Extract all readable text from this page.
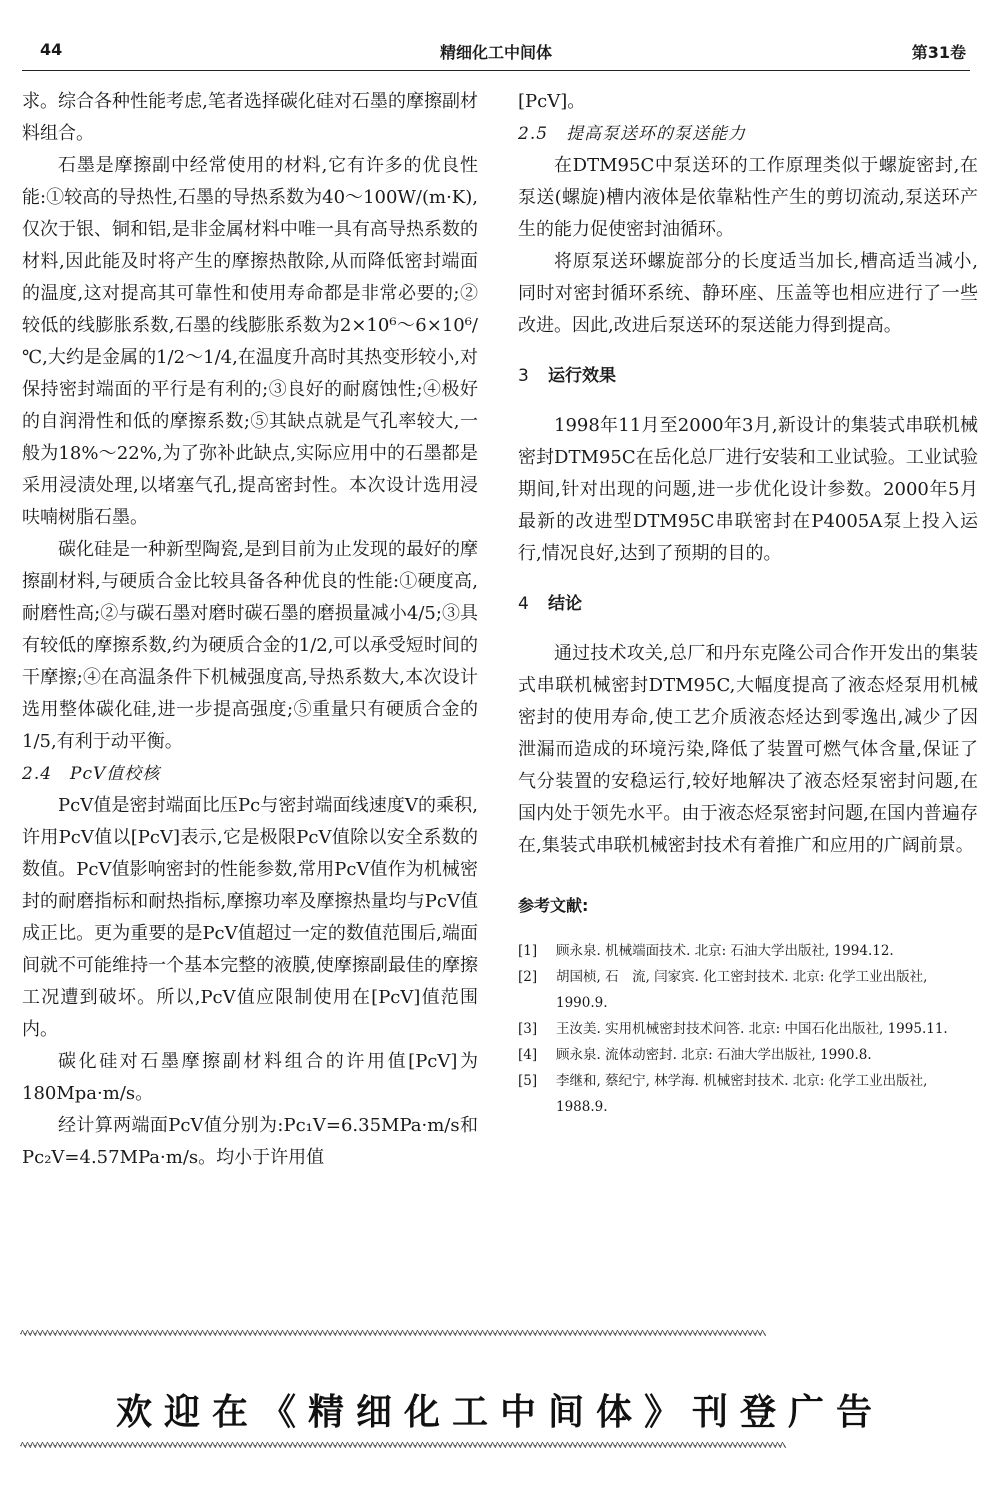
44	精细化工中间体	第31卷

求。综合各种性能考虑,笔者选择碳化硅对石墨的摩擦副材料组合。

石墨是摩擦副中经常使用的材料,它有许多的优良性能:①较高的导热性,石墨的导热系数为40～100W/(m·K),仅次于银、铜和铝,是非金属材料中唯一具有高导热系数的材料,因此能及时将产生的摩擦热散除,从而降低密封端面的温度,这对提高其可靠性和使用寿命都是非常必要的;②较低的线膨胀系数,石墨的线膨胀系数为2×10⁶～6×10⁶/℃,大约是金属的1/2～1/4,在温度升高时其热变形较小,对保持密封端面的平行是有利的;③良好的耐腐蚀性;④极好的自润滑性和低的摩擦系数;⑤其缺点就是气孔率较大,一般为18%～22%,为了弥补此缺点,实际应用中的石墨都是采用浸渍处理,以堵塞气孔,提高密封性。本次设计选用浸呋喃树脂石墨。

碳化硅是一种新型陶瓷,是到目前为止发现的最好的摩擦副材料,与硬质合金比较具备各种优良的性能:①硬度高,耐磨性高;②与碳石墨对磨时碳石墨的磨损量减小4/5;③具有较低的摩擦系数,约为硬质合金的1/2,可以承受短时间的干摩擦;④在高温条件下机械强度高,导热系数大,本次设计选用整体碳化硅,进一步提高强度;⑤重量只有硬质合金的1/5,有利于动平衡。

2.4　PcV值校核

PcV值是密封端面比压Pc与密封端面线速度V的乘积,许用PcV值以[PcV]表示,它是极限PcV值除以安全系数的数值。PcV值影响密封的性能参数,常用PcV值作为机械密封的耐磨指标和耐热指标,摩擦功率及摩擦热量均与PcV值成正比。更为重要的是PcV值超过一定的数值范围后,端面间就不可能维持一个基本完整的液膜,使摩擦副最佳的摩擦工况遭到破坏。所以,PcV值应限制使用在[PcV]值范围内。

碳化硅对石墨摩擦副材料组合的许用值[PcV]为180Mpa·m/s。

经计算两端面PcV值分别为:Pc₁V=6.35MPa·m/s和Pc₂V=4.57MPa·m/s。均小于许用值

[PcV]。

2.5　提高泵送环的泵送能力

在DTM95C中泵送环的工作原理类似于螺旋密封,在泵送(螺旋)槽内液体是依靠粘性产生的剪切流动,泵送环产生的能力促使密封油循环。

将原泵送环螺旋部分的长度适当加长,槽高适当减小,同时对密封循环系统、静环座、压盖等也相应进行了一些改进。因此,改进后泵送环的泵送能力得到提高。

3 运行效果

1998年11月至2000年3月,新设计的集装式串联机械密封DTM95C在岳化总厂进行安装和工业试验。工业试验期间,针对出现的问题,进一步优化设计参数。2000年5月最新的改进型DTM95C串联密封在P4005A泵上投入运行,情况良好,达到了预期的目的。

4 结论

通过技术攻关,总厂和丹东克隆公司合作开发出的集装式串联机械密封DTM95C,大幅度提高了液态烃泵用机械密封的使用寿命,使工艺介质液态烃达到零逸出,减少了因泄漏而造成的环境污染,降低了装置可燃气体含量,保证了气分装置的安稳运行,较好地解决了液态烃泵密封问题,在国内处于领先水平。由于液态烃泵密封问题,在国内普遍存在,集装式串联机械密封技术有着推广和应用的广阔前景。

参考文献:

[1]	顾永泉. 机械端面技术. 北京: 石油大学出版社, 1994.12.
[2]	胡国桢, 石　流, 闫家宾. 化工密封技术. 北京: 化学工业出版社, 1990.9.
[3]	王汝美. 实用机械密封技术问答. 北京: 中国石化出版社, 1995.11.
[4]	顾永泉. 流体动密封. 北京: 石油大学出版社, 1990.8.
[5]	李继和, 蔡纪宁, 林学海. 机械密封技术. 北京: 化学工业出版社, 1988.9.
ﾍﾍﾍﾍﾍﾍﾍﾍﾍﾍﾍﾍﾍﾍﾍﾍﾍﾍﾍﾍﾍﾍﾍﾍﾍﾍﾍﾍﾍﾍﾍﾍﾍﾍﾍﾍﾍﾍﾍﾍﾍﾍﾍﾍﾍﾍﾍﾍﾍﾍﾍﾍﾍﾍﾍﾍﾍﾍﾍﾍﾍﾍﾍﾍﾍﾍﾍﾍﾍﾍﾍﾍﾍﾍﾍﾍﾍﾍﾍﾍﾍﾍﾍﾍﾍﾍﾍﾍﾍﾍﾍﾍﾍﾍﾍﾍﾍﾍﾍﾍﾍﾍﾍﾍﾍﾍﾍﾍﾍﾍﾍﾍﾍﾍﾍﾍﾍﾍﾍﾍﾍﾍﾍﾍﾍﾍﾍﾍﾍﾍﾍﾍﾍﾍﾍﾍﾍﾍﾍﾍﾍﾍﾍﾍﾍﾍﾍﾍﾍ
欢迎在《精细化工中间体》刊登广告
ﾍﾍﾍﾍﾍﾍﾍﾍﾍﾍﾍﾍﾍﾍﾍﾍﾍﾍﾍﾍﾍﾍﾍﾍﾍﾍﾍﾍﾍﾍﾍﾍﾍﾍﾍﾍﾍﾍﾍﾍﾍﾍﾍﾍﾍﾍﾍﾍﾍﾍﾍﾍﾍﾍﾍﾍﾍﾍﾍﾍﾍﾍﾍﾍﾍﾍﾍﾍﾍﾍﾍﾍﾍﾍﾍﾍﾍﾍﾍﾍﾍﾍﾍﾍﾍﾍﾍﾍﾍﾍﾍﾍﾍﾍﾍﾍﾍﾍﾍﾍﾍﾍﾍﾍﾍﾍﾍﾍﾍﾍﾍﾍﾍﾍﾍﾍﾍﾍﾍﾍﾍﾍﾍﾍﾍﾍﾍﾍﾍﾍﾍﾍﾍﾍﾍﾍﾍﾍﾍﾍﾍﾍﾍﾍﾍﾍﾍﾍﾍﾍﾍﾍﾍ
